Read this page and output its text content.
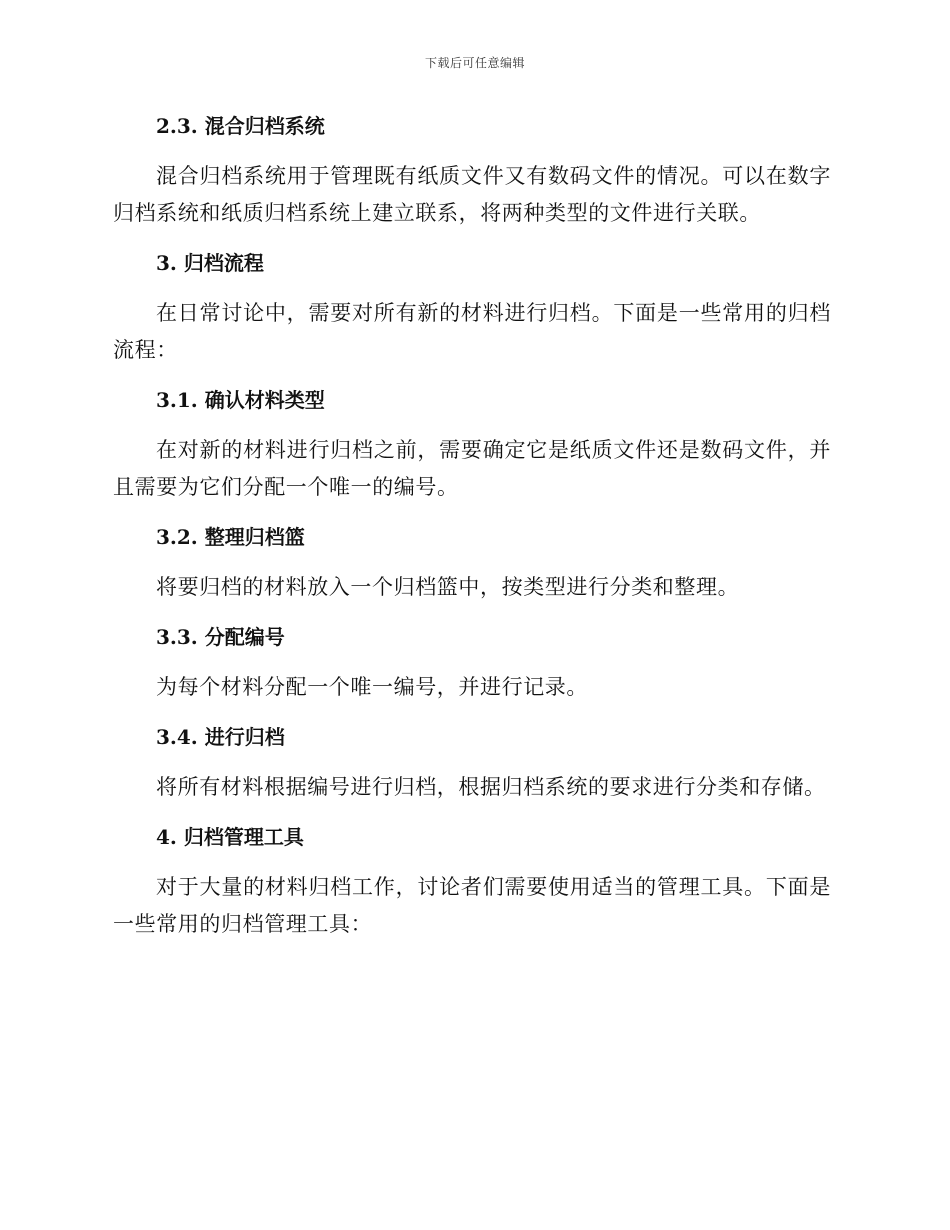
下载后可任意编辑
2.3. 混合归档系统

混合归档系统用于管理既有纸质文件又有数码文件的情况。可以在数字归档系统和纸质归档系统上建立联系，将两种类型的文件进行关联。

3. 归档流程

在日常讨论中，需要对所有新的材料进行归档。下面是一些常用的归档流程：

3.1. 确认材料类型

在对新的材料进行归档之前，需要确定它是纸质文件还是数码文件，并且需要为它们分配一个唯一的编号。

3.2. 整理归档篮

将要归档的材料放入一个归档篮中，按类型进行分类和整理。

3.3. 分配编号

为每个材料分配一个唯一编号，并进行记录。

3.4. 进行归档

将所有材料根据编号进行归档，根据归档系统的要求进行分类和存储。

4. 归档管理工具

对于大量的材料归档工作，讨论者们需要使用适当的管理工具。下面是一些常用的归档管理工具：
